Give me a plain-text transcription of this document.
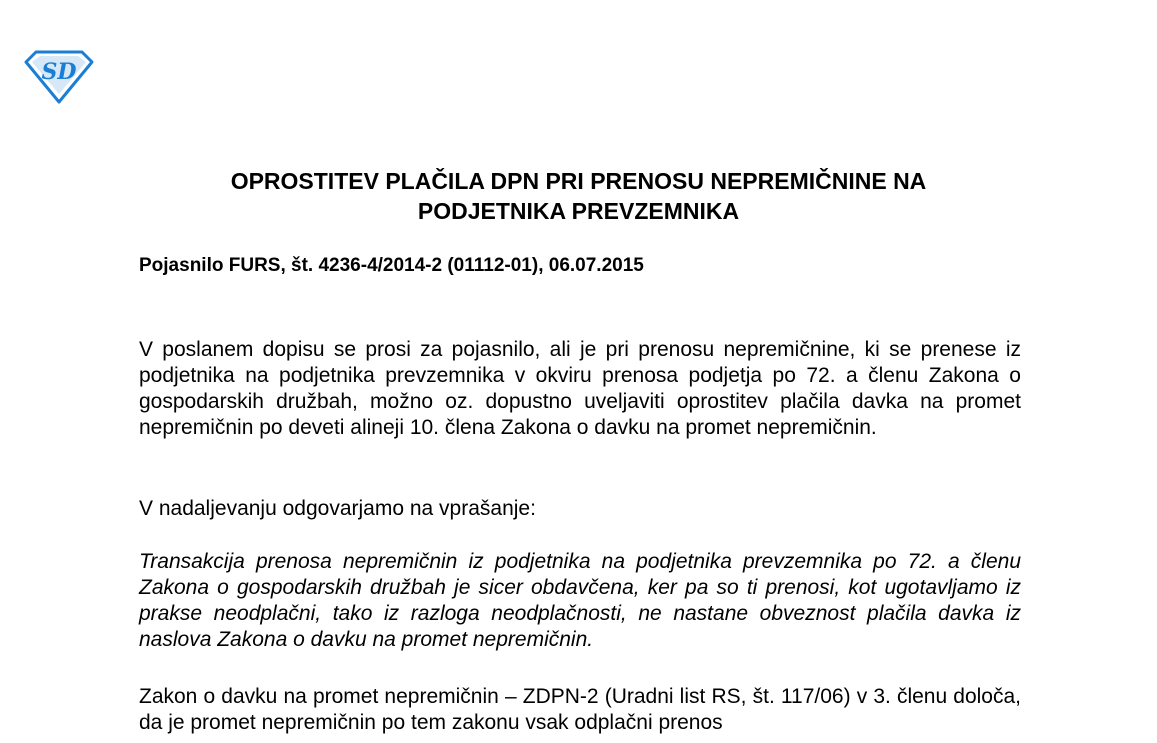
SD
OPROSTITEV PLAČILA DPN PRI PRENOSU NEPREMIČNINE NA
PODJETNIKA PREVZEMNIKA

Pojasnilo FURS, št. 4236-4/2014-2 (01112-01), 06.07.2015

V poslanem dopisu se prosi za pojasnilo, ali je pri prenosu nepremičnine, ki se prenese iz podjetnika na podjetnika prevzemnika v okviru prenosa podjetja po 72. a členu Zakona o gospodarskih družbah, možno oz. dopustno uveljaviti oprostitev plačila davka na promet nepremičnin po deveti alineji 10. člena Zakona o davku na promet nepremičnin.

V nadaljevanju odgovarjamo na vprašanje:

Transakcija prenosa nepremičnin iz podjetnika na podjetnika prevzemnika po 72. a členu Zakona o gospodarskih družbah je sicer obdavčena, ker pa so ti prenosi, kot ugotavljamo iz prakse neodplačni, tako iz razloga neodplačnosti, ne nastane obveznost plačila davka iz naslova Zakona o davku na promet nepremičnin.

Zakon o davku na promet nepremičnin – ZDPN-2 (Uradni list RS, št. 117/06) v 3. členu določa, da je promet nepremičnin po tem zakonu vsak odplačni prenos
